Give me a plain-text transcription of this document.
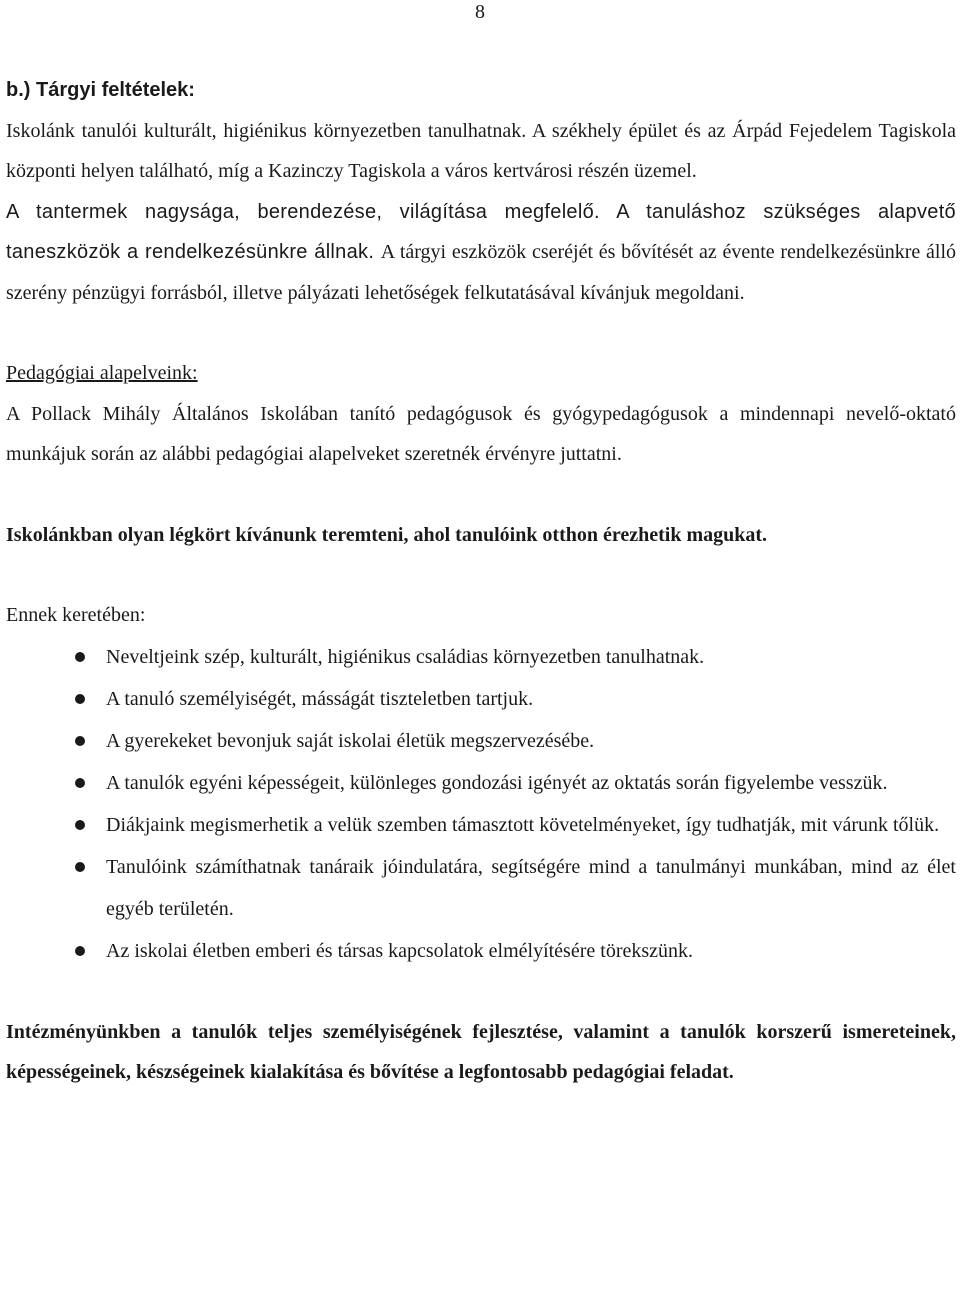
8

b.) Tárgyi feltételek:

Iskolánk tanulói kulturált, higiénikus környezetben tanulhatnak. A székhely épület és az Árpád Fejedelem Tagiskola központi helyen található, míg a Kazinczy Tagiskola a város kertvárosi részén üzemel.

A tantermek nagysága, berendezése, világítása megfelelő. A tanuláshoz szükséges alapvető taneszközök a rendelkezésünkre állnak. A tárgyi eszközök cseréjét és bővítését az évente rendelkezésünkre álló szerény pénzügyi forrásból, illetve pályázati lehetőségek felkutatásával kívánjuk megoldani.

Pedagógiai alapelveink:

A Pollack Mihály Általános Iskolában tanító pedagógusok és gyógypedagógusok a mindennapi nevelő-oktató munkájuk során az alábbi pedagógiai alapelveket szeretnék érvényre juttatni.

Iskolánkban olyan légkört kívánunk teremteni, ahol tanulóink otthon érezhetik magukat.

Ennek keretében:

Neveltjeink szép, kulturált, higiénikus családias környezetben tanulhatnak.
A tanuló személyiségét, másságát tiszteletben tartjuk.
A gyerekeket bevonjuk saját iskolai életük megszervezésébe.
A tanulók egyéni képességeit, különleges gondozási igényét az oktatás során figyelembe vesszük.
Diákjaink megismerhetik a velük szemben támasztott követelményeket, így tudhatják, mit várunk tőlük.
Tanulóink számíthatnak tanáraik jóindulatára, segítségére mind a tanulmányi munkában, mind az élet egyéb területén.
Az iskolai életben emberi és társas kapcsolatok elmélyítésére törekszünk.

Intézményünkben a tanulók teljes személyiségének fejlesztése, valamint a tanulók korszerű ismereteinek, képességeinek, készségeinek kialakítása és bővítése a legfontosabb pedagógiai feladat.
